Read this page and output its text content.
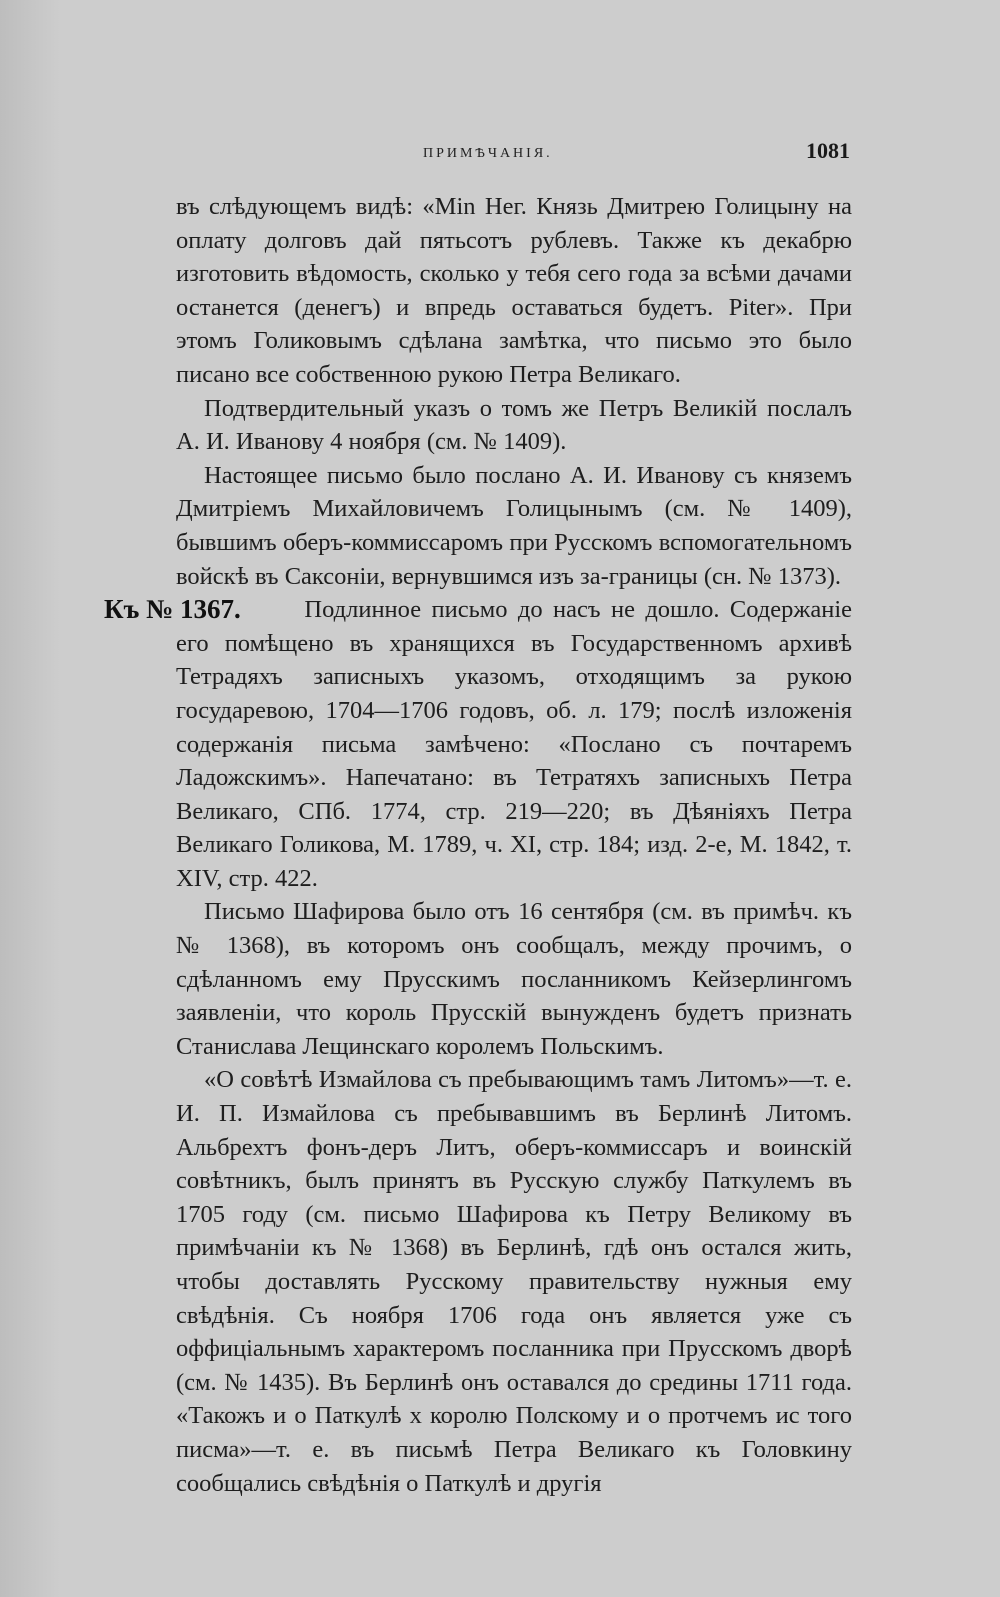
ПРИМѢЧАНІЯ.	1081

въ слѣдующемъ видѣ: «Min Heг. Князь Дмитрею Голицыну на оплату долговъ дай пятьсотъ рублевъ. Также къ декабрю изготовить вѣдомость, сколько у тебя сего года за всѣми дачами останется (денегъ) и впредь оставаться будетъ. Piter». При этомъ Голиковымъ сдѣлана замѣтка, что письмо это было писано все собственною рукою Петра Великаго.

Подтвердительный указъ о томъ же Петръ Великій послалъ А. И. Иванову 4 ноября (см. № 1409).

Настоящее письмо было послано А. И. Иванову съ княземъ Дмитріемъ Михайловичемъ Голицынымъ (см. № 1409), бывшимъ оберъ-коммиссаромъ при Русскомъ вспомогательномъ войскѣ въ Саксоніи, вернувшимся изъ за-границы (сн. № 1373).

Къ № 1367.	Подлинное письмо до насъ не дошло. Содержаніе его помѣщено въ хранящихся въ Государственномъ архивѣ Тетрадяхъ записныхъ указомъ, отходящимъ за рукою государевою, 1704—1706 годовъ, об. л. 179; послѣ изложенія содержанія письма замѣчено: «Послано съ почтаремъ Ладожскимъ». Напечатано: въ Тетратяхъ записныхъ Петра Великаго, СПб. 1774, стр. 219—220; въ Дѣяніяхъ Петра Великаго Голикова, М. 1789, ч. XI, стр. 184; изд. 2-е, М. 1842, т. XIV, стр. 422.

Письмо Шафирова было отъ 16 сентября (см. въ примѣч. къ № 1368), въ которомъ онъ сообщалъ, между прочимъ, о сдѣланномъ ему Прусскимъ посланникомъ Кейзерлингомъ заявленіи, что король Прусскій вынужденъ будетъ признать Станислава Лещинскаго королемъ Польскимъ.

«О совѣтѣ Измайлова съ пребывающимъ тамъ Литомъ»—т. е. И. П. Измайлова съ пребывавшимъ въ Берлинѣ Литомъ. Альбрехтъ фонъ-деръ Литъ, оберъ-коммиссаръ и воинскій совѣтникъ, былъ принятъ въ Русскую службу Паткулемъ въ 1705 году (см. письмо Шафирова къ Петру Великому въ примѣчаніи къ № 1368) въ Берлинѣ, гдѣ онъ остался жить, чтобы доставлять Русскому правительству нужныя ему свѣдѣнія. Съ ноября 1706 года онъ является уже съ оффиціальнымъ характеромъ посланника при Прусскомъ дворѣ (см. № 1435). Въ Берлинѣ онъ оставался до средины 1711 года. «Такожъ и о Паткулѣ х королю Полскому и о протчемъ ис того писма»—т. е. въ письмѣ Петра Великаго къ Головкину сообщались свѣдѣнія о Паткулѣ и другія
